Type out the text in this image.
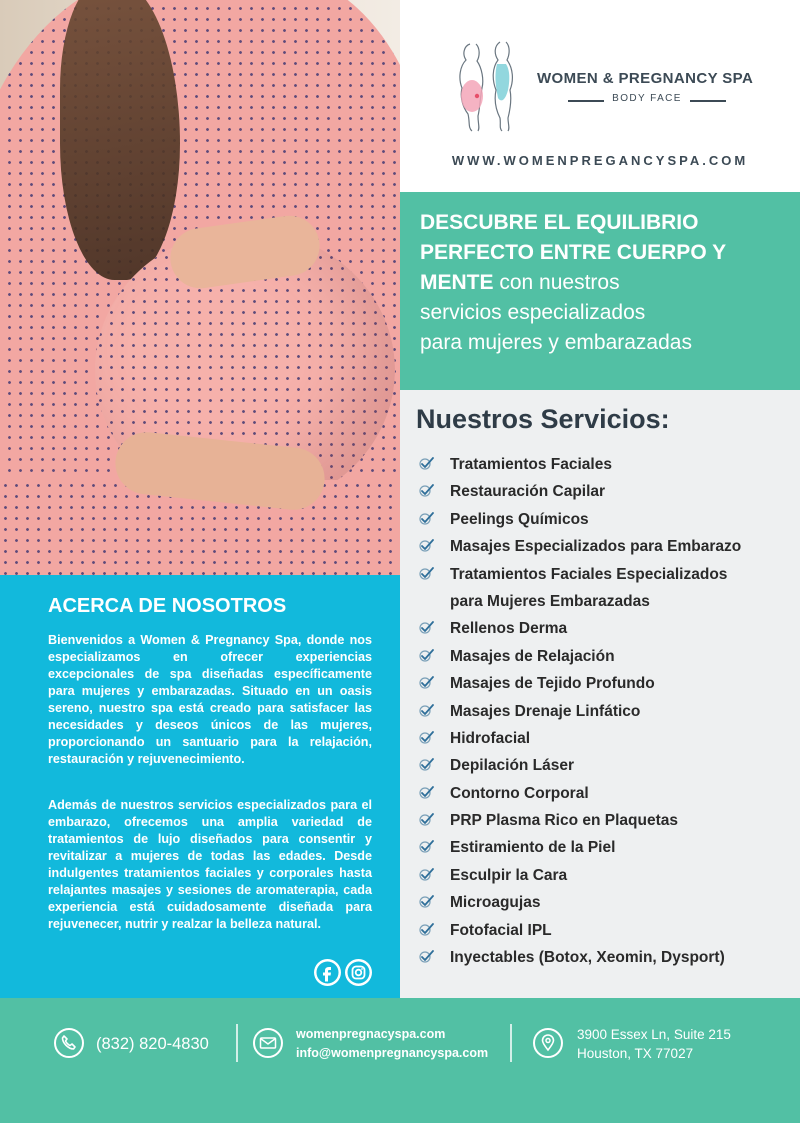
WOMEN & PREGNANCY SPA
BODY FACE
WWW.WOMENPREGANCYSPA.COM
DESCUBRE EL EQUILIBRIO
PERFECTO ENTRE CUERPO Y
MENTE con nuestros
servicios especializados
para mujeres y embarazadas
Nuestros Servicios:
Tratamientos Faciales
Restauración Capilar
Peelings Químicos
Masajes Especializados para Embarazo
Tratamientos Faciales Especializados
para Mujeres Embarazadas
Rellenos Derma
Masajes de Relajación
Masajes de Tejido Profundo
Masajes Drenaje Linfático
Hidrofacial
Depilación Láser
Contorno Corporal
PRP Plasma Rico en Plaquetas
Estiramiento de la Piel
Esculpir la Cara
Microagujas
Fotofacial IPL
Inyectables (Botox, Xeomin, Dysport)
ACERCA DE NOSOTROS

Bienvenidos a Women & Pregnancy Spa, donde nos especializamos en ofrecer experiencias excepcionales de spa diseñadas específicamente para mujeres y embarazadas. Situado en un oasis sereno, nuestro spa está creado para satisfacer las necesidades y deseos únicos de las mujeres, proporcionando un santuario para la relajación, restauración y rejuvenecimiento.

Además de nuestros servicios especializados para el embarazo, ofrecemos una amplia variedad de tratamientos de lujo diseñados para consentir y revitalizar a mujeres de todas las edades. Desde indulgentes tratamientos faciales y corporales hasta relajantes masajes y sesiones de aromaterapia, cada experiencia está cuidadosamente diseñada para rejuvenecer, nutrir y realzar la belleza natural.

(832) 820-4830
womenpregnacyspa.com
info@womenpregnancyspa.com
3900 Essex Ln, Suite 215
Houston, TX 77027
